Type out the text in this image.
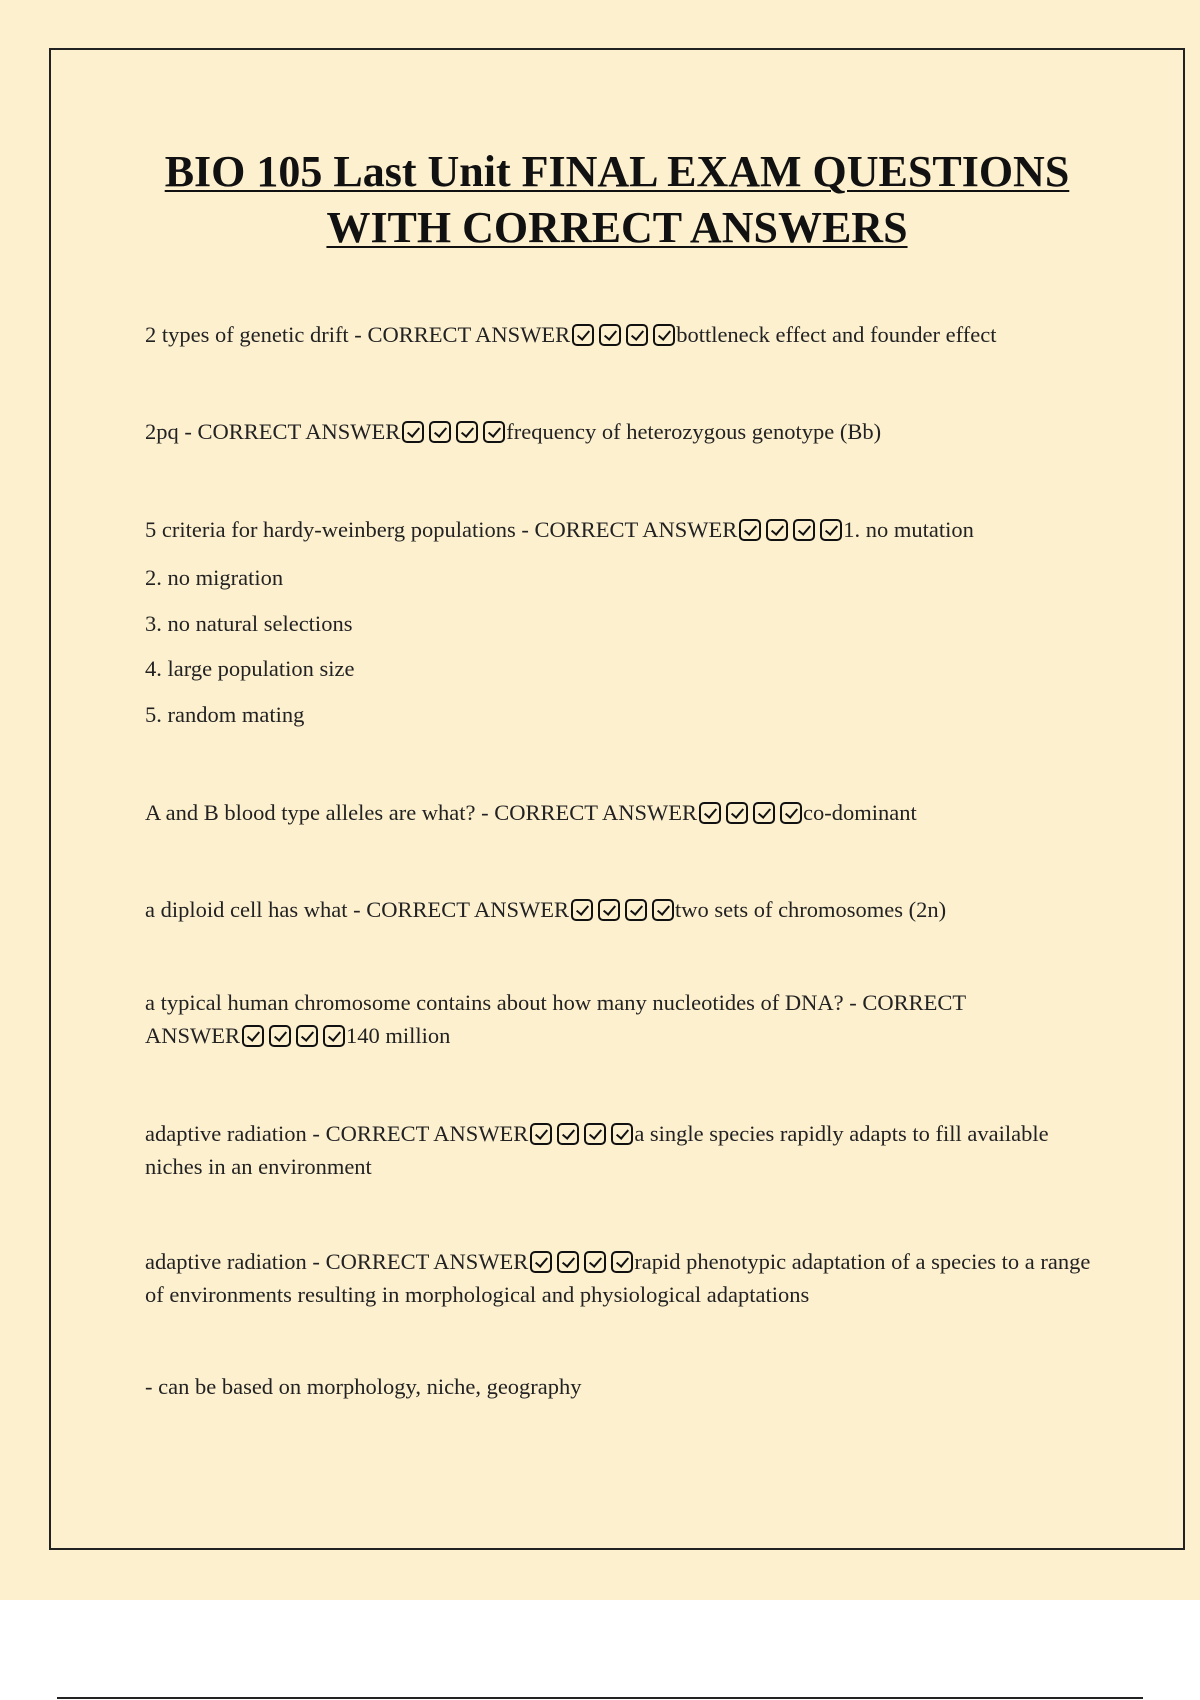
BIO 105 Last Unit FINAL EXAM QUESTIONS
WITH CORRECT ANSWERS
2 types of genetic drift - CORRECT ANSWER	bottleneck effect and founder effect
2pq - CORRECT ANSWER	frequency of heterozygous genotype (Bb)
5 criteria for hardy-weinberg populations - CORRECT ANSWER	1. no mutation
2. no migration
3. no natural selections
4. large population size
5. random mating
A and B blood type alleles are what? - CORRECT ANSWER	co-dominant
a diploid cell has what - CORRECT ANSWER	two sets of chromosomes (2n)
a typical human chromosome contains about how many nucleotides of DNA? - CORRECT ANSWER	140 million
adaptive radiation - CORRECT ANSWER	a single species rapidly adapts to fill available niches in an environment
adaptive radiation - CORRECT ANSWER	rapid phenotypic adaptation of a species to a range of environments resulting in morphological and physiological adaptations
- can be based on morphology, niche, geography
